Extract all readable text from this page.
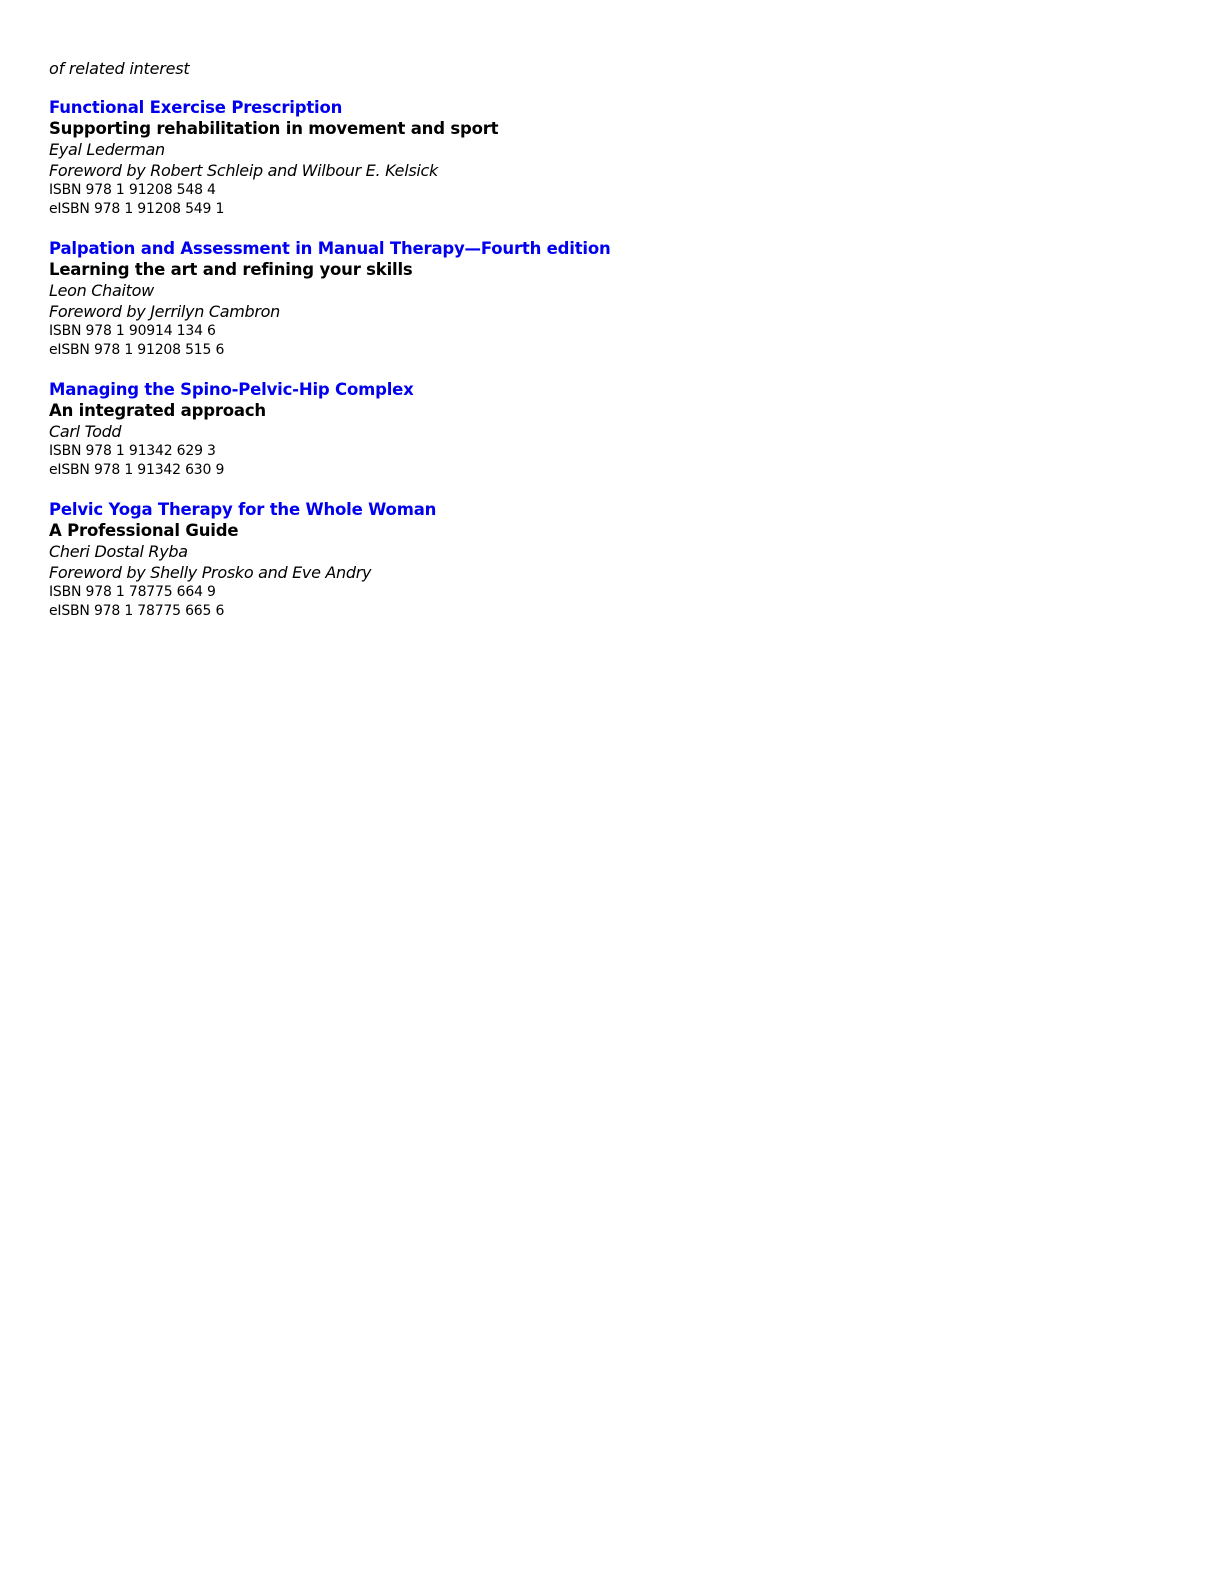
of related interest
Functional Exercise Prescription
Supporting rehabilitation in movement and sport
Eyal Lederman
Foreword by Robert Schleip and Wilbour E. Kelsick
ISBN 978 1 91208 548 4
eISBN 978 1 91208 549 1
Palpation and Assessment in Manual Therapy—Fourth edition
Learning the art and refining your skills
Leon Chaitow
Foreword by Jerrilyn Cambron
ISBN 978 1 90914 134 6
eISBN 978 1 91208 515 6
Managing the Spino-Pelvic-Hip Complex
An integrated approach
Carl Todd
ISBN 978 1 91342 629 3
eISBN 978 1 91342 630 9
Pelvic Yoga Therapy for the Whole Woman
A Professional Guide
Cheri Dostal Ryba
Foreword by Shelly Prosko and Eve Andry
ISBN 978 1 78775 664 9
eISBN 978 1 78775 665 6
